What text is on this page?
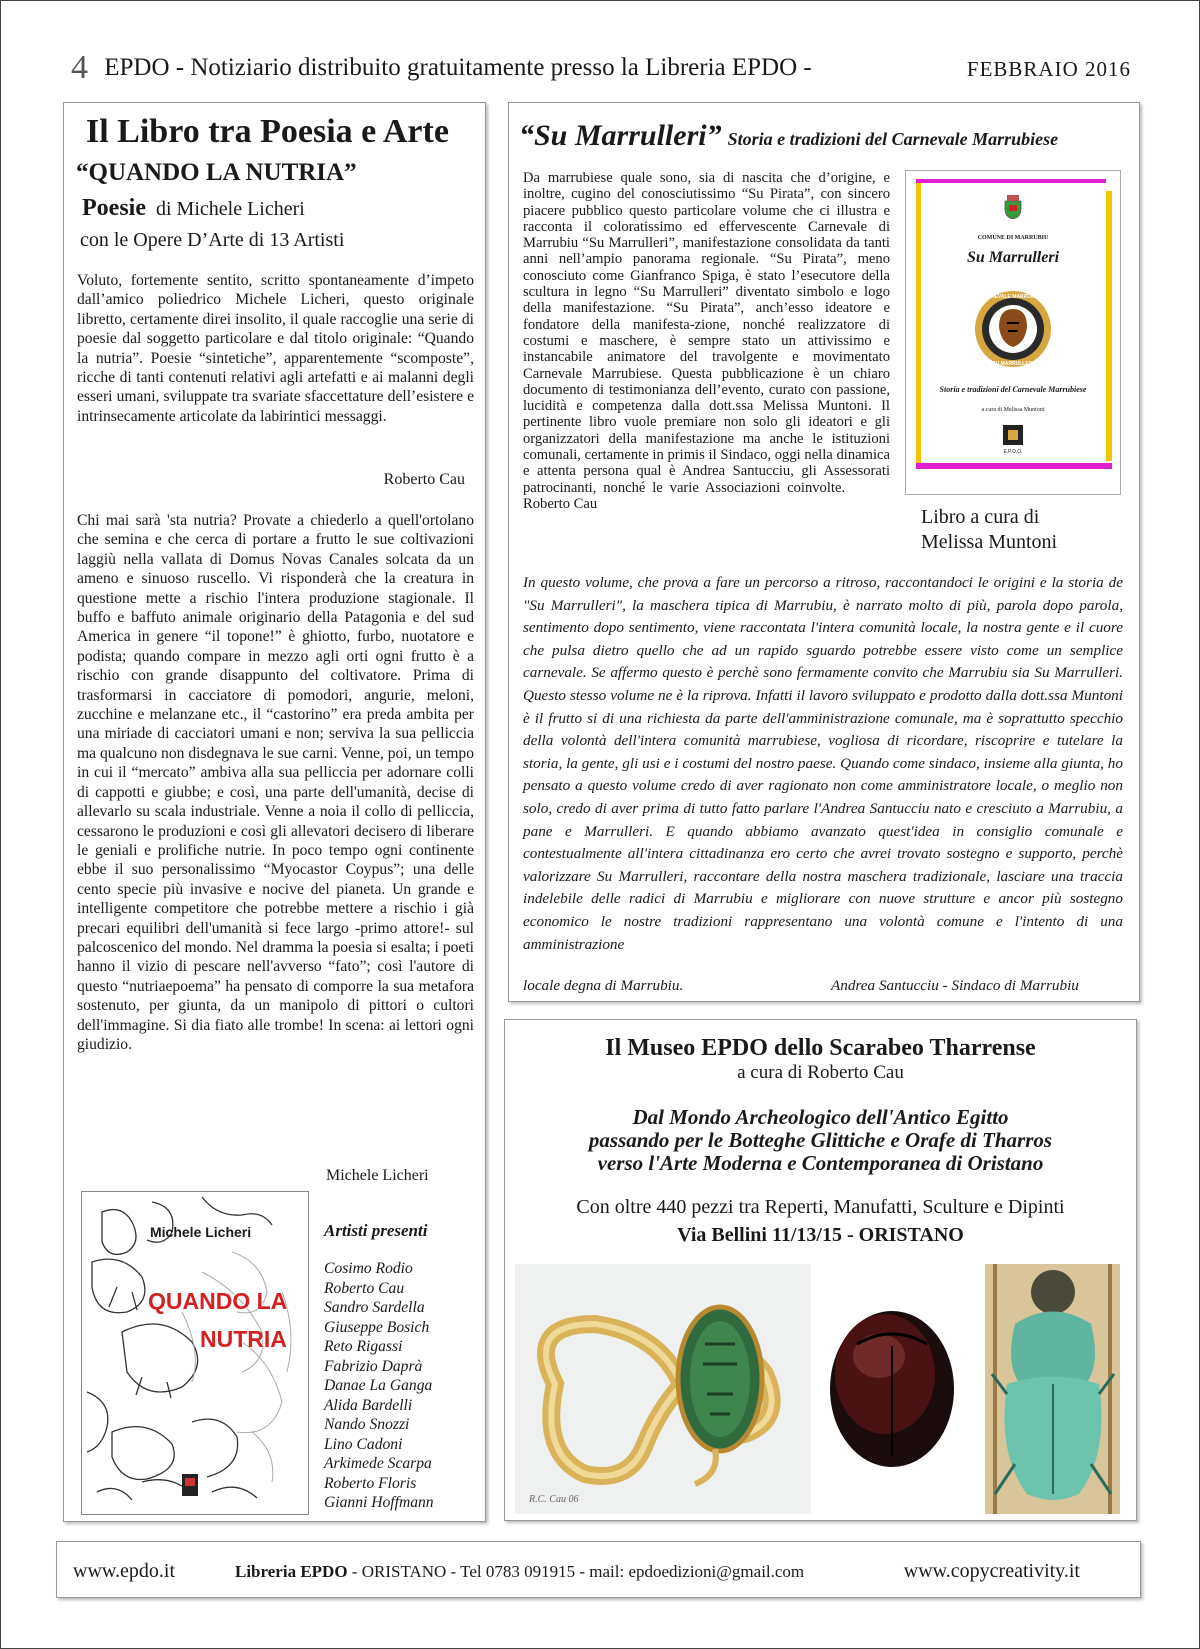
4 EPDO - Notiziario distribuito gratuitamente presso la Libreria EPDO -	FEBBRAIO 2016
Il Libro tra Poesia e Arte
“QUANDO LA NUTRIA”
Poesie di Michele Licheri
con le Opere D’Arte di 13 Artisti

Voluto, fortemente sentito, scritto spontaneamente d’impeto dall’amico poliedrico Michele Licheri, questo originale libretto, certamente direi insolito, il quale raccoglie una serie di poesie dal soggetto particolare e dal titolo originale: “Quando la nutria”. Poesie “sintetiche”, apparentemente “scomposte”, ricche di tanti contenuti relativi agli artefatti e ai malanni degli esseri umani, sviluppate tra svariate sfaccettature dell’esistere e intrinsecamente articolate da labirintici messaggi.

Roberto Cau

Chi mai sarà 'sta nutria? Provate a chiederlo a quell'ortolano che semina e che cerca di portare a frutto le sue coltivazioni laggiù nella vallata di Domus Novas Canales solcata da un ameno e sinuoso ruscello. Vi risponderà che la creatura in questione mette a rischio l'intera produzione stagionale. Il buffo e baffuto animale originario della Patagonia e del sud America in genere “il topone!” è ghiotto, furbo, nuotatore e podista; quando compare in mezzo agli orti ogni frutto è a rischio con grande disappunto del coltivatore. Prima di trasformarsi in cacciatore di pomodori, angurie, meloni, zucchine e melanzane etc., il “castorino” era preda ambita per una miriade di cacciatori umani e non; serviva la sua pelliccia ma qualcuno non disdegnava le sue carni. Venne, poi, un tempo in cui il “mercato” ambiva alla sua pelliccia per adornare colli di cappotti e giubbe; e così, una parte dell'umanità, decise di allevarlo su scala industriale. Venne a noia il collo di pelliccia, cessarono le produzioni e così gli allevatori decisero di liberare le geniali e prolifiche nutrie. In poco tempo ogni continente ebbe il suo personalissimo “Myocastor Coypus”; una delle cento specie più invasive e nocive del pianeta. Un grande e intelligente competitore che potrebbe mettere a rischio i già precari equilibri dell'umanità si fece largo -primo attore!- sul palcoscenico del mondo. Nel dramma la poesia si esalta; i poeti hanno il vizio di pescare nell'avverso “fato”; così l'autore di questo “nutriaepoema” ha pensato di comporre la sua metafora sostenuto, per giunta, da un manipolo di pittori o cultori dell'immagine. Si dia fiato alle trombe! In scena: ai lettori ogni giudizio.

Michele Licheri
Michele Licheri
QUANDO LA
NUTRIA
Artisti presenti
Cosimo Rodio
Roberto Cau
Sandro Sardella
Giuseppe Bosich
Reto Rigassi
Fabrizio Daprà
Danae La Ganga
Alida Bardelli
Nando Snozzi
Lino Cadoni
Arkimede Scarpa
Roberto Floris
Gianni Hoffmann
“Su Marrulleri” Storia e tradizioni del Carnevale Marrubiese

Da marrubiese quale sono, sia di nascita che d’origine, e inoltre, cugino del conosciutissimo “Su Pirata”, con sincero piacere pubblico questo particolare volume che ci illustra e racconta il coloratissimo ed effervescente Carnevale di Marrubiu “Su Marrulleri”, manifestazione consolidata da tanti anni nell’ampio panorama regionale. “Su Pirata”, meno conosciuto come Gianfranco Spiga, è stato l’esecutore della scultura in legno “Su Marrulleri” diventato simbolo e logo della manifestazione. “Su Pirata”, anch’esso ideatore e fondatore della manifesta-zione, nonché realizzatore di costumi e maschere, è sempre stato un attivissimo e instancabile animatore del travolgente e movimentato Carnevale Marrubiese. Questa pubblicazione è un chiaro documento di testimonianza dell’evento, curato con passione, lucidità e competenza dalla dott.ssa Melissa Muntoni. Il pertinente libro vuole premiare non solo gli ideatori e gli organizzatori della manifestazione ma anche le istituzioni comunali, certamente in primis il Sindaco, oggi nella dinamica e attenta persona qual è Andrea Santucciu, gli Assessorati patrocinanti, nonché le varie Associazioni coinvolte.        Roberto Cau

COMUNE DI MARRUBIU
Su Marrulleri
CARNEVALE MARRUBIESE
SU MARRULLERI
Storia e tradizioni del Carnevale Marrubiese
a cura di Melissa Muntoni
E.P.D.O.
Libro a cura di
Melissa Muntoni

In questo volume, che prova a fare un percorso a ritroso, raccontandoci le origini e la storia de "Su Marrulleri", la maschera tipica di Marrubiu, è narrato molto di più, parola dopo parola, sentimento dopo sentimento, viene raccontata l'intera comunità locale, la nostra gente e il cuore che pulsa dietro quello che ad un rapido sguardo potrebbe essere visto come un semplice carnevale. Se affermo questo è perchè sono fermamente convito che Marrubiu sia Su Marrulleri. Questo stesso volume ne è la riprova. Infatti il lavoro sviluppato e prodotto dalla dott.ssa Muntoni è il frutto si di una richiesta da parte dell'amministrazione comunale, ma è soprattutto specchio della volontà dell'intera comunità marrubiese, vogliosa di ricordare, riscoprire e tutelare la storia, la gente, gli usi e i costumi del nostro paese. Quando come sindaco, insieme alla giunta, ho pensato a questo volume credo di aver ragionato non come amministratore locale, o meglio non solo, credo di aver prima di tutto fatto parlare l'Andrea Santucciu nato e cresciuto a Marrubiu, a pane e Marrulleri. E quando abbiamo avanzato quest'idea in consiglio comunale e contestualmente all'intera cittadinanza ero certo che avrei trovato sostegno e supporto, perchè valorizzare Su Marrulleri, raccontare della nostra maschera tradizionale, lasciare una traccia indelebile delle radici di Marrubiu e migliorare con nuove strutture e ancor più sostegno economico le nostre tradizioni rappresentano una volontà comune e l'intento di una amministrazione

locale degna di Marrubiu.	Andrea Santucciu - Sindaco di Marrubiu
Il Museo EPDO dello Scarabeo Tharrense
a cura di Roberto Cau
Dal Mondo Archeologico dell'Antico Egitto
passando per le Botteghe Glittiche e Orafe di Tharros
verso l'Arte Moderna e Contemporanea di Oristano
Con oltre 440 pezzi tra Reperti, Manufatti, Sculture e Dipinti
Via Bellini 11/13/15 - ORISTANO
R.C. Cau 06
www.epdo.it	Libreria EPDO - ORISTANO - Tel 0783 091915 - mail: epdoedizioni@gmail.com	www.copycreativity.it
